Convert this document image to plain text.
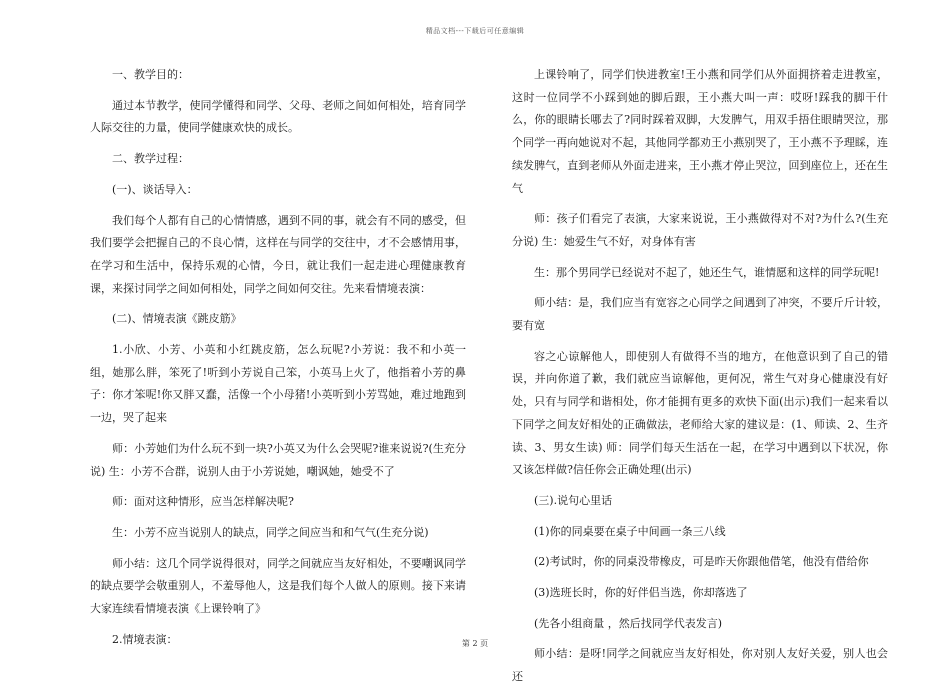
精品文档---下载后可任意编辑

一、教学目的：

通过本节教学，使同学懂得和同学、父母、老师之间如何相处，培育同学人际交往的力量，使同学健康欢快的成长。

二、教学过程：

(一)、谈话导入：

我们每个人都有自己的心情情感，遇到不同的事，就会有不同的感受，但我们要学会把握自己的不良心情，这样在与同学的交往中，才不会感情用事，在学习和生活中，保持乐观的心情，今日，就让我们一起走进心理健康教育课，来探讨同学之间如何相处，同学之间如何交往。先来看情境表演：

(二)、情境表演《跳皮筋》

1.小欣、小芳、小英和小红跳皮筋，怎么玩呢?小芳说：我不和小英一组，她那么胖，笨死了!听到小芳说自己笨，小英马上火了，他指着小芳的鼻子：你才笨呢!你又胖又蠢，活像一个小母猪!小英听到小芳骂她，难过地跑到一边，哭了起来

师：小芳她们为什么玩不到一块?小英又为什么会哭呢?谁来说说?(生充分说) 生：小芳不合群，说别人由于小芳说她，嘲讽她，她受不了

师：面对这种情形，应当怎样解决呢?

生：小芳不应当说别人的缺点，同学之间应当和和气气(生充分说)

师小结：这几个同学说得很对，同学之间就应当友好相处，不要嘲讽同学的缺点要学会敬重别人，不羞辱他人，这是我们每个人做人的原则。接下来请大家连续看情境表演《上课铃响了》

2.情境表演：

上课铃响了，同学们快进教室!王小燕和同学们从外面拥挤着走进教室，这时一位同学不小踩到她的脚后跟，王小燕大叫一声：哎呀!踩我的脚干什么，你的眼睛长哪去了?同时踩着双脚，大发脾气，用双手捂住眼睛哭泣，那个同学一再向她说对不起，其他同学都劝王小燕别哭了，王小燕不予理睬，连续发脾气，直到老师从外面走进来，王小燕才停止哭泣，回到座位上，还在生气

师：孩子们看完了表演，大家来说说，王小燕做得对不对?为什么?(生充分说) 生：她爱生气不好，对身体有害

生：那个男同学已经说对不起了，她还生气，谁情愿和这样的同学玩呢!

师小结：是，我们应当有宽容之心同学之间遇到了冲突，不要斤斤计较，要有宽

容之心谅解他人，即使别人有做得不当的地方，在他意识到了自己的错误，并向你道了歉，我们就应当谅解他，更何况，常生气对身心健康没有好处，只有与同学和谐相处，你才能拥有更多的欢快下面(出示)我们一起来看以下同学之间友好相处的正确做法，老师给大家的建议是：(1、师读、2、生齐读、3、男女生读) 师：同学们每天生活在一起，在学习中遇到以下状况，你又该怎样做?信任你会正确处理(出示)

(三).说句心里话

(1)你的同桌要在桌子中间画一条三八线

(2)考试时，你的同桌没带橡皮，可是昨天你跟他借笔，他没有借给你

(3)选班长时，你的好伴侣当选，你却落选了

(先各小组商量 ，然后找同学代表发言)

师小结：是呀!同学之间就应当友好相处，你对别人友好关爱，别人也会还

第 2 页
